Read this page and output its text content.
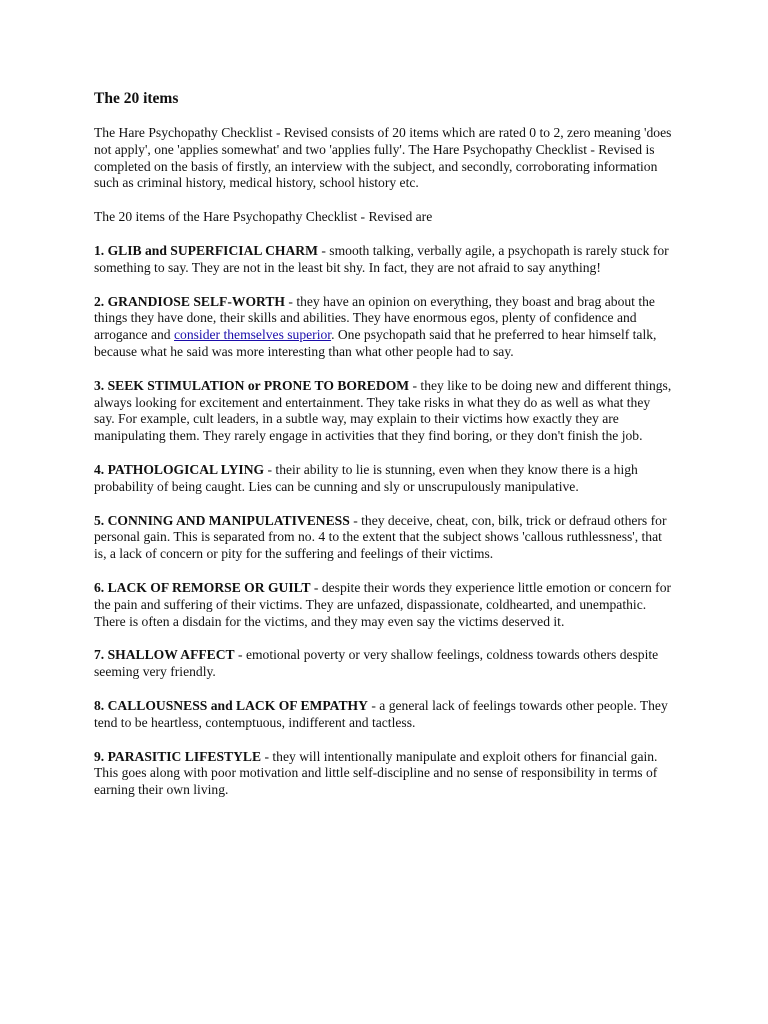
The 20 items

The Hare Psychopathy Checklist - Revised consists of 20 items which are rated 0 to 2, zero meaning 'does not apply', one 'applies somewhat' and two 'applies fully'. The Hare Psychopathy Checklist - Revised is completed on the basis of firstly, an interview with the subject, and secondly, corroborating information such as criminal history, medical history, school history etc.

The 20 items of the Hare Psychopathy Checklist - Revised are

1. GLIB and SUPERFICIAL CHARM - smooth talking, verbally agile, a psychopath is rarely stuck for something to say. They are not in the least bit shy. In fact, they are not afraid to say anything!

2. GRANDIOSE SELF-WORTH - they have an opinion on everything, they boast and brag about the things they have done, their skills and abilities. They have enormous egos, plenty of confidence and arrogance and consider themselves superior. One psychopath said that he preferred to hear himself talk, because what he said was more interesting than what other people had to say.

3. SEEK STIMULATION or PRONE TO BOREDOM - they like to be doing new and different things, always looking for excitement and entertainment. They take risks in what they do as well as what they say. For example, cult leaders, in a subtle way, may explain to their victims how exactly they are manipulating them. They rarely engage in activities that they find boring, or they don't finish the job.

4. PATHOLOGICAL LYING - their ability to lie is stunning, even when they know there is a high probability of being caught. Lies can be cunning and sly or unscrupulously manipulative.

5. CONNING AND MANIPULATIVENESS - they deceive, cheat, con, bilk, trick or defraud others for personal gain. This is separated from no. 4 to the extent that the subject shows 'callous ruthlessness', that is, a lack of concern or pity for the suffering and feelings of their victims.

6. LACK OF REMORSE OR GUILT - despite their words they experience little emotion or concern for the pain and suffering of their victims. They are unfazed, dispassionate, coldhearted, and unempathic. There is often a disdain for the victims, and they may even say the victims deserved it.

7. SHALLOW AFFECT - emotional poverty or very shallow feelings, coldness towards others despite seeming very friendly.

8. CALLOUSNESS and LACK OF EMPATHY - a general lack of feelings towards other people. They tend to be heartless, contemptuous, indifferent and tactless.

9. PARASITIC LIFESTYLE - they will intentionally manipulate and exploit others for financial gain. This goes along with poor motivation and little self-discipline and no sense of responsibility in terms of earning their own living.
